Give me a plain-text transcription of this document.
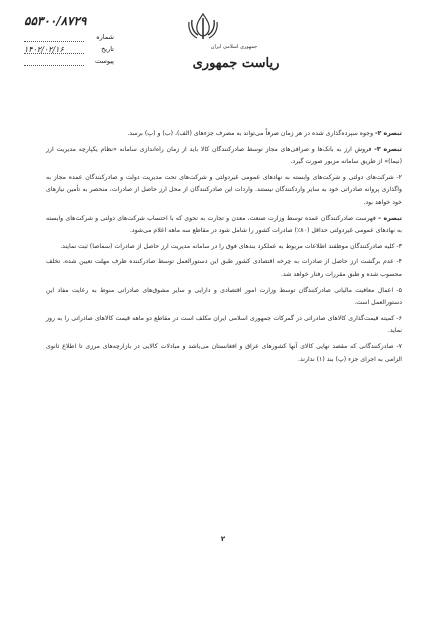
جمهوری اسلامی ایران
ریاست جمهوری
۵۵۳۰۰/۸۷۲۹
شماره
تاریخ
۱۴۰۲/۰۲/۱۶
پیوست

تبصره ۲- وجوه سپرده‌گذاری شده در هر زمان صرفاً می‌تواند به مصرف جزءهای (الف)، (ب) و (پ) برسد.

تبصره ۳- فروش ارز به بانک‌ها و صرافی‌های مجاز توسط صادرکنندگان کالا باید از زمان راه‌اندازی سامانه «نظام یکپارچه مدیریت ارز (نیما)» از طریق سامانه مزبور صورت گیرد.

۲- شرکت‌های دولتی و شرکت‌های وابسته به نهادهای عمومی غیردولتی و شرکت‌های تحت مدیریت دولت و صادرکنندگان عمده مجاز به واگذاری پروانه صادراتی خود به سایر واردکنندگان نیستند. واردات این صادرکنندگان از محل ارز حاصل از صادرات، منحصر به تأمین نیازهای خود خواهد بود.

تبصره – فهرست صادرکنندگان عمده توسط وزارت صنعت، معدن و تجارت به نحوی که با احتساب شرکت‌های دولتی و شرکت‌های وابسته به نهادهای عمومی غیردولتی حداقل (۸۰٪) صادرات کشور را شامل شود در مقاطع سه ماهه اعلام می‌شود.

۳- کلیه صادرکنندگان موظفند اطلاعات مربوط به عملکرد بندهای فوق را در سامانه مدیریت ارز حاصل از صادرات (سماصا) ثبت نمایند.

۴- عدم برگشت ارز حاصل از صادرات به چرخه اقتصادی کشور طبق این دستورالعمل توسط صادرکننده ظرف مهلت تعیین شده، تخلف محسوب شده و طبق مقررات رفتار خواهد شد.

۵- اعمال معافیت مالیاتی صادرکنندگان توسط وزارت امور اقتصادی و دارایی و سایر مشوق‌های صادراتی منوط به رعایت مفاد این دستورالعمل است.

۶- کمیته قیمت‌گذاری کالاهای صادراتی در گمرکات جمهوری اسلامی ایران مکلف است در مقاطع دو ماهه قیمت کالاهای صادراتی را به روز نماید.

۷- صادرکنندگانی که مقصد نهایی کالای آنها کشورهای عراق و افغانستان می‌باشد و مبادلات کالایی در بازارچه‌های مرزی تا اطلاع ثانوی الزامی به اجرای جزء (پ) بند (۱) ندارند.

۲
